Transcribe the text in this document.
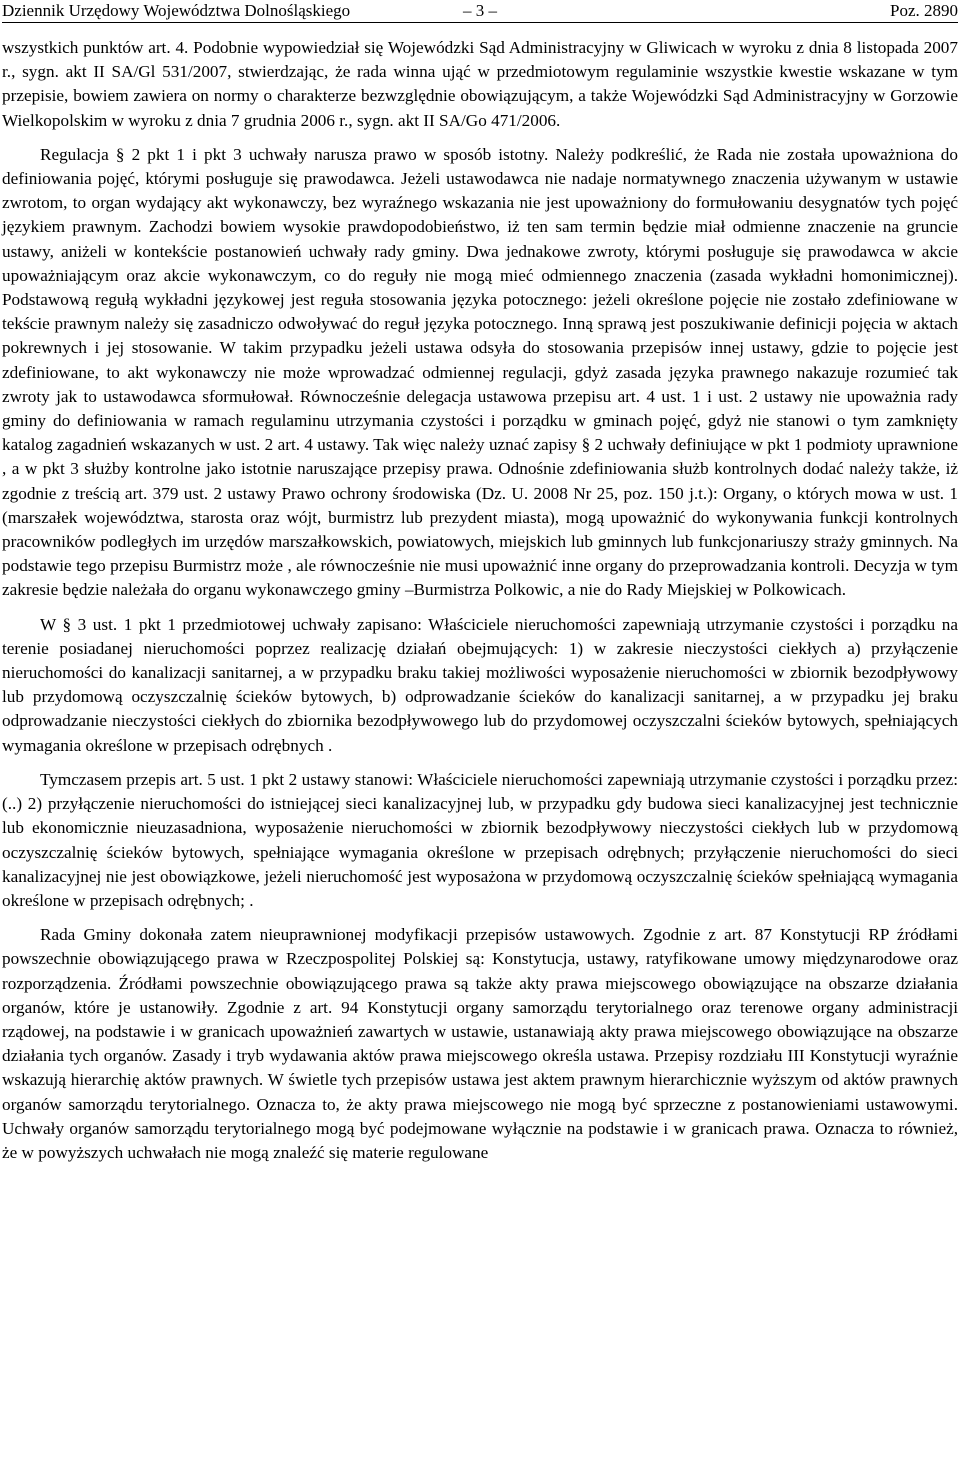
Dziennik Urzędowy Województwa Dolnośląskiego	– 3 –	Poz. 2890

wszystkich punktów art. 4. Podobnie wypowiedział się Wojewódzki Sąd Administracyjny w Gliwicach w wyroku z dnia 8 listopada 2007 r., sygn. akt II SA/Gl 531/2007, stwierdzając, że rada winna ująć w przedmiotowym regulaminie wszystkie kwestie wskazane w tym przepisie, bowiem zawiera on normy o charakterze bezwzględnie obowiązującym, a także Wojewódzki Sąd Administracyjny w Gorzowie Wielkopolskim w wyroku z dnia 7 grudnia 2006 r., sygn. akt II SA/Go 471/2006.

Regulacja § 2 pkt 1 i pkt 3 uchwały narusza prawo w sposób istotny. Należy podkreślić, że Rada nie została upoważniona do definiowania pojęć, którymi posługuje się prawodawca. Jeżeli ustawodawca nie nadaje normatywnego znaczenia używanym w ustawie zwrotom, to organ wydający akt wykonawczy, bez wyraźnego wskazania nie jest upoważniony do formułowaniu desygnatów tych pojęć językiem prawnym. Zachodzi bowiem wysokie prawdopodobieństwo, iż ten sam termin będzie miał odmienne znaczenie na gruncie ustawy, aniżeli w kontekście postanowień uchwały rady gminy. Dwa jednakowe zwroty, którymi posługuje się prawodawca w akcie upoważniającym oraz akcie wykonawczym, co do reguły nie mogą mieć odmiennego znaczenia (zasada wykładni homonimicznej). Podstawową regułą wykładni językowej jest reguła stosowania języka potocznego: jeżeli określone pojęcie nie zostało zdefiniowane w tekście prawnym należy się zasadniczo odwoływać do reguł języka potocznego. Inną sprawą jest poszukiwanie definicji pojęcia w aktach pokrewnych i jej stosowanie. W takim przypadku jeżeli ustawa odsyła do stosowania przepisów innej ustawy, gdzie to pojęcie jest zdefiniowane, to akt wykonawczy nie może wprowadzać odmiennej regulacji, gdyż zasada języka prawnego nakazuje rozumieć tak zwroty jak to ustawodawca sformułował. Równocześnie delegacja ustawowa przepisu art. 4 ust. 1 i ust. 2 ustawy nie upoważnia rady gminy do definiowania w ramach regulaminu utrzymania czystości i porządku w gminach pojęć, gdyż nie stanowi o tym zamknięty katalog zagadnień wskazanych w ust. 2 art. 4 ustawy. Tak więc należy uznać zapisy § 2 uchwały definiujące w pkt 1 podmioty uprawnione , a w pkt 3 służby kontrolne jako istotnie naruszające przepisy prawa. Odnośnie zdefiniowania służb kontrolnych dodać należy także, iż zgodnie z treścią art. 379 ust. 2 ustawy Prawo ochrony środowiska (Dz. U. 2008 Nr 25, poz. 150 j.t.): Organy, o których mowa w ust. 1 (marszałek województwa, starosta oraz wójt, burmistrz lub prezydent miasta), mogą upoważnić do wykonywania funkcji kontrolnych pracowników podległych im urzędów marszałkowskich, powiatowych, miejskich lub gminnych lub funkcjonariuszy straży gminnych. Na podstawie tego przepisu Burmistrz może , ale równocześnie nie musi upoważnić inne organy do przeprowadzania kontroli. Decyzja w tym zakresie będzie należała do organu wykonawczego gminy –Burmistrza Polkowic, a nie do Rady Miejskiej w Polkowicach.

W § 3 ust. 1 pkt 1 przedmiotowej uchwały zapisano: Właściciele nieruchomości zapewniają utrzymanie czystości i porządku na terenie posiadanej nieruchomości poprzez realizację działań obejmujących: 1) w zakresie nieczystości ciekłych a) przyłączenie nieruchomości do kanalizacji sanitarnej, a w przypadku braku takiej możliwości wyposażenie nieruchomości w zbiornik bezodpływowy lub przydomową oczyszczalnię ścieków bytowych, b) odprowadzanie ścieków do kanalizacji sanitarnej, a w przypadku jej braku odprowadzanie nieczystości ciekłych do zbiornika bezodpływowego lub do przydomowej oczyszczalni ścieków bytowych, spełniających wymagania określone w przepisach odrębnych .

Tymczasem przepis art. 5 ust. 1 pkt 2 ustawy stanowi: Właściciele nieruchomości zapewniają utrzymanie czystości i porządku przez: (..) 2) przyłączenie nieruchomości do istniejącej sieci kanalizacyjnej lub, w przypadku gdy budowa sieci kanalizacyjnej jest technicznie lub ekonomicznie nieuzasadniona, wyposażenie nieruchomości w zbiornik bezodpływowy nieczystości ciekłych lub w przydomową oczyszczalnię ścieków bytowych, spełniające wymagania określone w przepisach odrębnych; przyłączenie nieruchomości do sieci kanalizacyjnej nie jest obowiązkowe, jeżeli nieruchomość jest wyposażona w przydomową oczyszczalnię ścieków spełniającą wymagania określone w przepisach odrębnych; .

Rada Gminy dokonała zatem nieuprawnionej modyfikacji przepisów ustawowych. Zgodnie z art. 87 Konstytucji RP źródłami powszechnie obowiązującego prawa w Rzeczpospolitej Polskiej są: Konstytucja, ustawy, ratyfikowane umowy międzynarodowe oraz rozporządzenia. Źródłami powszechnie obowiązującego prawa są także akty prawa miejscowego obowiązujące na obszarze działania organów, które je ustanowiły. Zgodnie z art. 94 Konstytucji organy samorządu terytorialnego oraz terenowe organy administracji rządowej, na podstawie i w granicach upoważnień zawartych w ustawie, ustanawiają akty prawa miejscowego obowiązujące na obszarze działania tych organów. Zasady i tryb wydawania aktów prawa miejscowego określa ustawa. Przepisy rozdziału III Konstytucji wyraźnie wskazują hierarchię aktów prawnych. W świetle tych przepisów ustawa jest aktem prawnym hierarchicznie wyższym od aktów prawnych organów samorządu terytorialnego. Oznacza to, że akty prawa miejscowego nie mogą być sprzeczne z postanowieniami ustawowymi. Uchwały organów samorządu terytorialnego mogą być podejmowane wyłącznie na podstawie i w granicach prawa. Oznacza to również, że w powyższych uchwałach nie mogą znaleźć się materie regulowane
